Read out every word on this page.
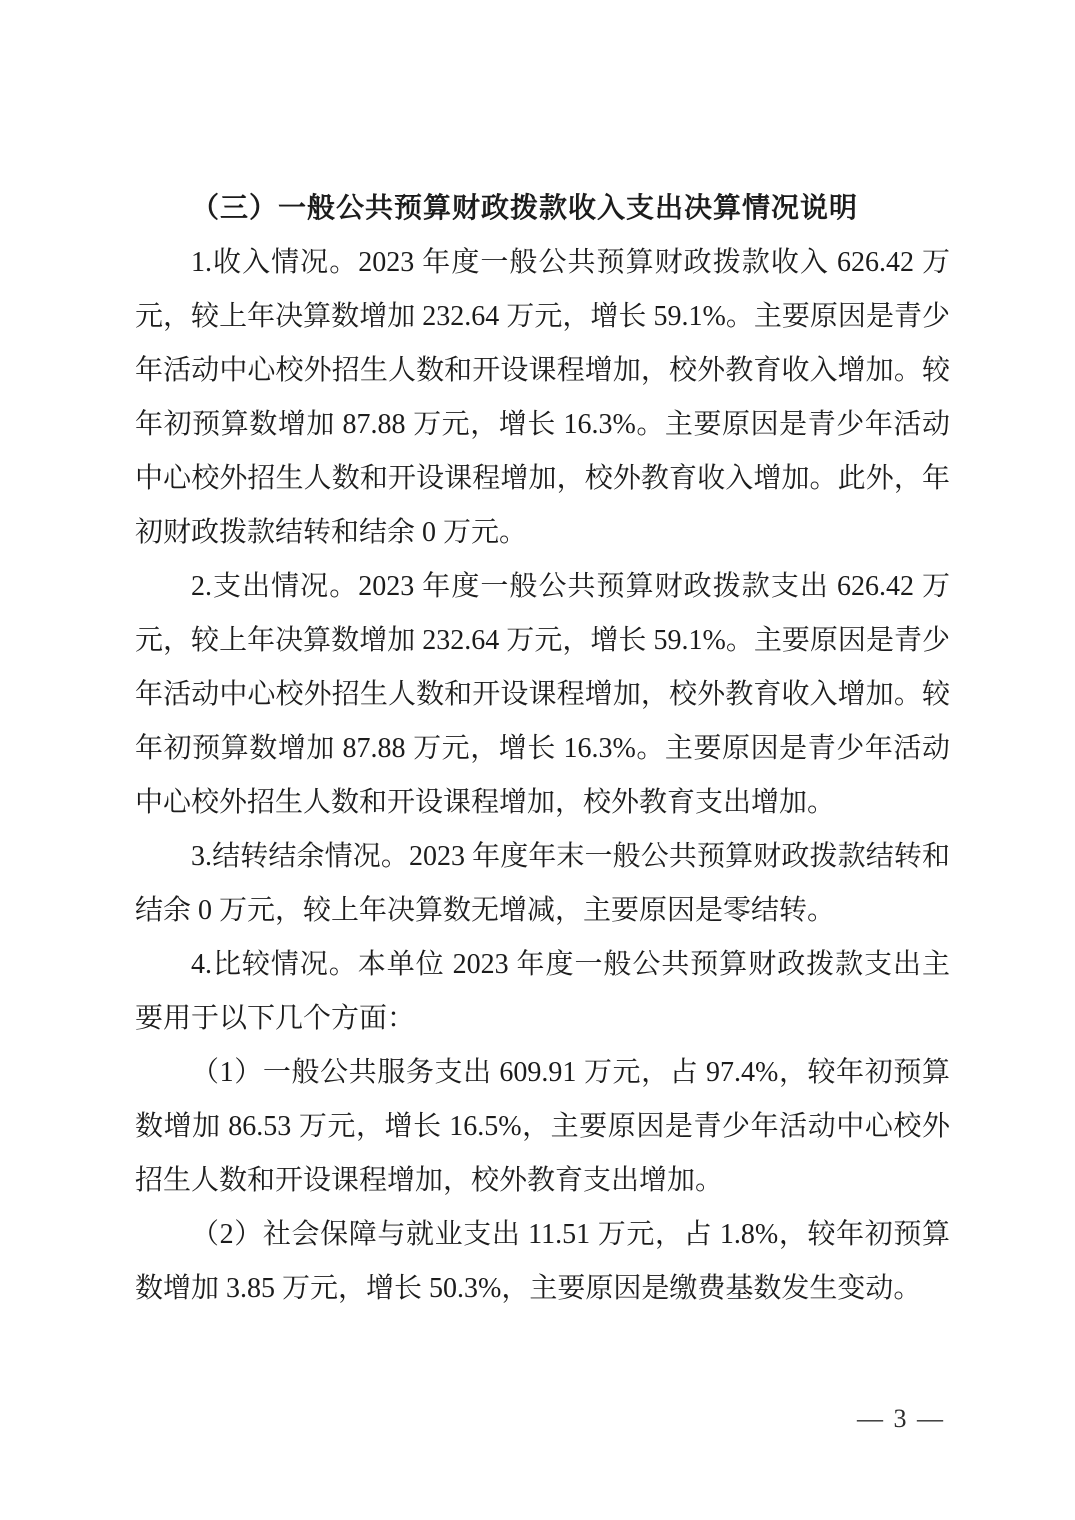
（三）一般公共预算财政拨款收入支出决算情况说明

1.收入情况。2023 年度一般公共预算财政拨款收入 626.42 万元，较上年决算数增加 232.64 万元，增长 59.1%。主要原因是青少年活动中心校外招生人数和开设课程增加，校外教育收入增加。较年初预算数增加 87.88 万元，增长 16.3%。主要原因是青少年活动中心校外招生人数和开设课程增加，校外教育收入增加。此外，年初财政拨款结转和结余 0 万元。

2.支出情况。2023 年度一般公共预算财政拨款支出 626.42 万元，较上年决算数增加 232.64 万元，增长 59.1%。主要原因是青少年活动中心校外招生人数和开设课程增加，校外教育收入增加。较年初预算数增加 87.88 万元，增长 16.3%。主要原因是青少年活动中心校外招生人数和开设课程增加，校外教育支出增加。

3.结转结余情况。2023 年度年末一般公共预算财政拨款结转和结余 0 万元，较上年决算数无增减，主要原因是零结转。

4.比较情况。本单位 2023 年度一般公共预算财政拨款支出主要用于以下几个方面：

（1）一般公共服务支出 609.91 万元，占 97.4%，较年初预算数增加 86.53 万元，增长 16.5%，主要原因是青少年活动中心校外招生人数和开设课程增加，校外教育支出增加。

（2）社会保障与就业支出 11.51 万元，占 1.8%，较年初预算数增加 3.85 万元，增长 50.3%，主要原因是缴费基数发生变动。

— 3 —
